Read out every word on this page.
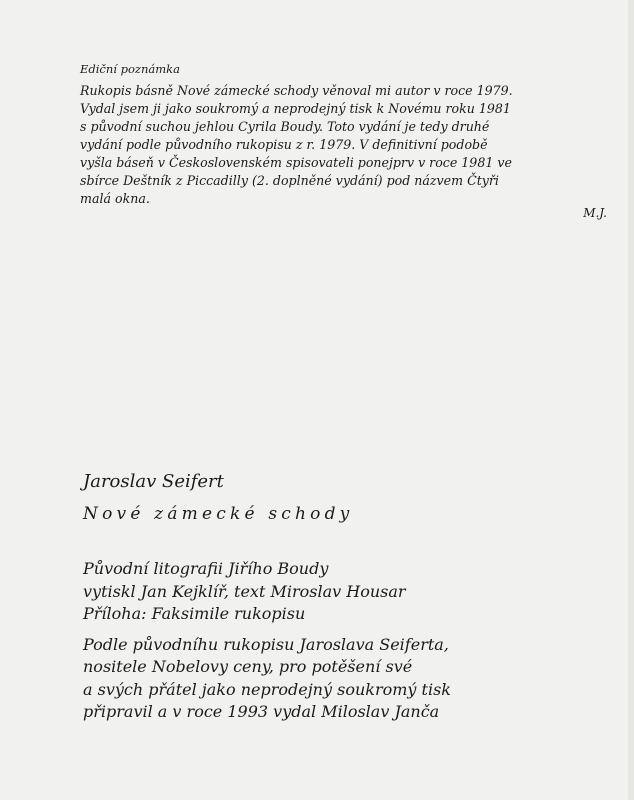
Ediční poznámka

Rukopis básně Nové zámecké schody věnoval mi autor v roce 1979.

Vydal jsem ji jako soukromý a neprodejný tisk k Novému roku 1981

s původní suchou jehlou Cyrila Boudy. Toto vydání je tedy druhé

vydání podle původního rukopisu z r. 1979. V definitivní podobě

vyšla báseň v Československém spisovateli ponejprv v roce 1981 ve

sbírce Deštník z Piccadilly (2. doplněné vydání) pod názvem Čtyři

malá okna.

M.J.

Jaroslav Seifert

Nové zámecké schody

Původní litografii Jiřího Boudy

vytiskl Jan Kejklíř, text Miroslav Housar

Příloha: Faksimile rukopisu

Podle původníhu rukopisu Jaroslava Seiferta,

nositele Nobelovy ceny, pro potěšení své

a svých přátel jako neprodejný soukromý tisk

připravil a v roce 1993 vydal Miloslav Janča
